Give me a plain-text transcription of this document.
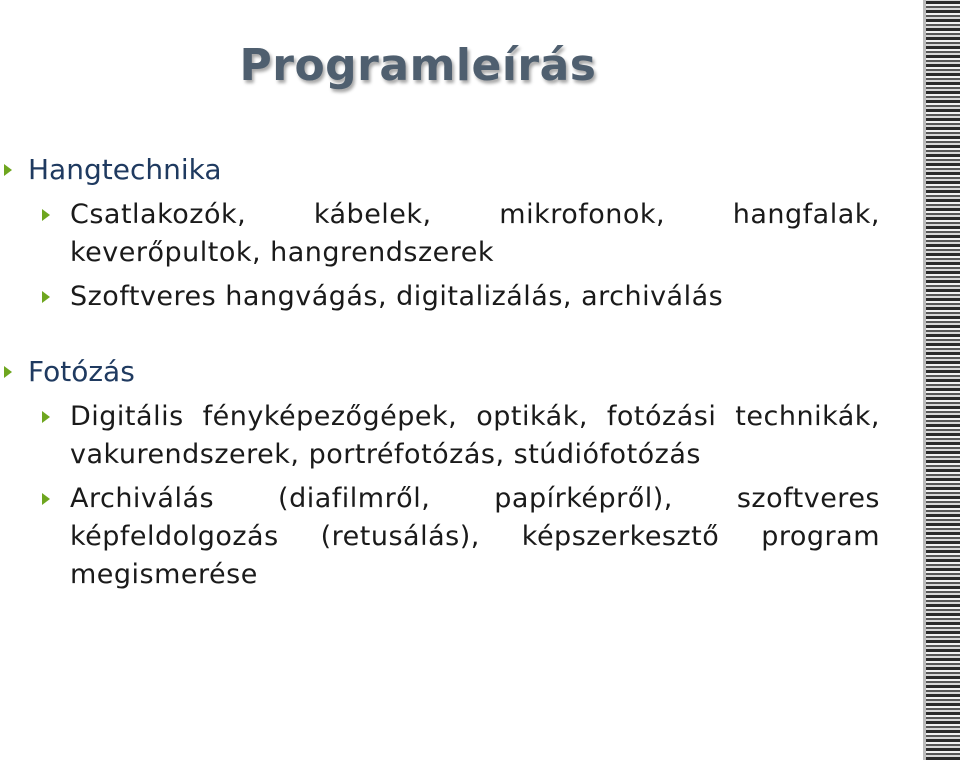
Programleírás
Hangtechnika
Csatlakozók, kábelek, mikrofonok, hangfalak, keverőpultok, hangrendszerek
Szoftveres hangvágás, digitalizálás, archiválás
Fotózás
Digitális fényképezőgépek, optikák, fotózási technikák, vakurendszerek, portréfotózás, stúdiófotózás
Archiválás (diafilmről, papírképről), szoftveres képfeldolgozás (retusálás), képszerkesztő program megismerése
